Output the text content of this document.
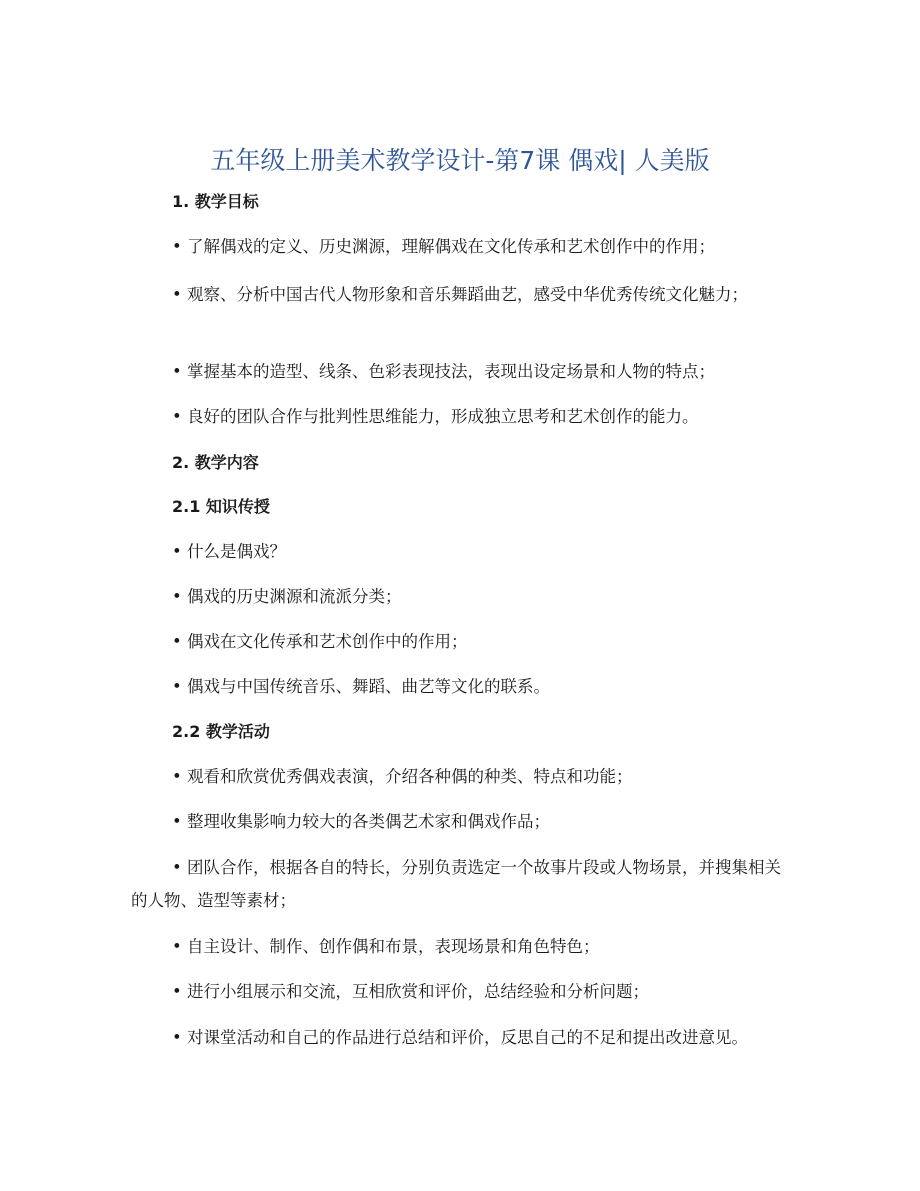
五年级上册美术教学设计-第7课 偶戏| 人美版
1. 教学目标
• 了解偶戏的定义、历史渊源，理解偶戏在文化传承和艺术创作中的作用；
• 观察、分析中国古代人物形象和音乐舞蹈曲艺，感受中华优秀传统文化魅力；
• 掌握基本的造型、线条、色彩表现技法，表现出设定场景和人物的特点；
• 良好的团队合作与批判性思维能力，形成独立思考和艺术创作的能力。
2. 教学内容
2.1 知识传授
• 什么是偶戏？
• 偶戏的历史渊源和流派分类；
• 偶戏在文化传承和艺术创作中的作用；
• 偶戏与中国传统音乐、舞蹈、曲艺等文化的联系。
2.2 教学活动
• 观看和欣赏优秀偶戏表演，介绍各种偶的种类、特点和功能；
• 整理收集影响力较大的各类偶艺术家和偶戏作品；
• 团队合作，根据各自的特长，分别负责选定一个故事片段或人物场景，并搜集相关的人物、造型等素材；
• 自主设计、制作、创作偶和布景，表现场景和角色特色；
• 进行小组展示和交流，互相欣赏和评价，总结经验和分析问题；
• 对课堂活动和自己的作品进行总结和评价，反思自己的不足和提出改进意见。
